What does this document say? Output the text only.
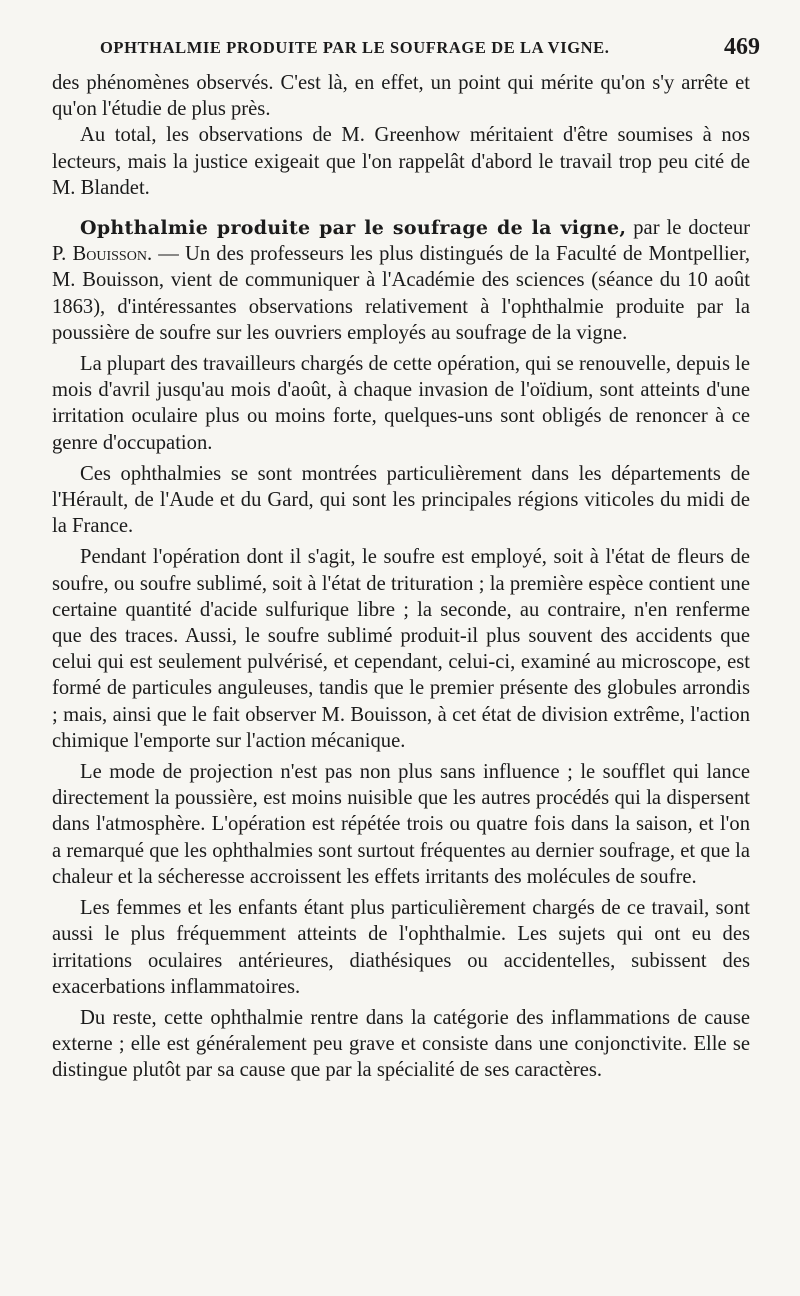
OPHTHALMIE PRODUITE PAR LE SOUFRAGE DE LA VIGNE.	469

des phénomènes observés. C'est là, en effet, un point qui mérite qu'on s'y arrête et qu'on l'étudie de plus près.

Au total, les observations de M. Greenhow méritaient d'être soumises à nos lecteurs, mais la justice exigeait que l'on rappelât d'abord le travail trop peu cité de M. Blandet.

Ophthalmie produite par le soufrage de la vigne, par le docteur P. Bouisson. — Un des professeurs les plus distingués de la Faculté de Montpellier, M. Bouisson, vient de communiquer à l'Académie des sciences (séance du 10 août 1863), d'intéressantes observations relativement à l'ophthalmie produite par la poussière de soufre sur les ouvriers employés au soufrage de la vigne.

La plupart des travailleurs chargés de cette opération, qui se renouvelle, depuis le mois d'avril jusqu'au mois d'août, à chaque invasion de l'oïdium, sont atteints d'une irritation oculaire plus ou moins forte, quelques-uns sont obligés de renoncer à ce genre d'occupation.

Ces ophthalmies se sont montrées particulièrement dans les départements de l'Hérault, de l'Aude et du Gard, qui sont les principales régions viticoles du midi de la France.

Pendant l'opération dont il s'agit, le soufre est employé, soit à l'état de fleurs de soufre, ou soufre sublimé, soit à l'état de trituration ; la première espèce contient une certaine quantité d'acide sulfurique libre ; la seconde, au contraire, n'en renferme que des traces. Aussi, le soufre sublimé produit-il plus souvent des accidents que celui qui est seulement pulvérisé, et cependant, celui-ci, examiné au microscope, est formé de particules anguleuses, tandis que le premier présente des globules arrondis ; mais, ainsi que le fait observer M. Bouisson, à cet état de division extrême, l'action chimique l'emporte sur l'action mécanique.

Le mode de projection n'est pas non plus sans influence ; le soufflet qui lance directement la poussière, est moins nuisible que les autres procédés qui la dispersent dans l'atmosphère. L'opération est répétée trois ou quatre fois dans la saison, et l'on a remarqué que les ophthalmies sont surtout fréquentes au dernier soufrage, et que la chaleur et la sécheresse accroissent les effets irritants des molécules de soufre.

Les femmes et les enfants étant plus particulièrement chargés de ce travail, sont aussi le plus fréquemment atteints de l'ophthalmie. Les sujets qui ont eu des irritations oculaires antérieures, diathésiques ou accidentelles, subissent des exacerbations inflammatoires.

Du reste, cette ophthalmie rentre dans la catégorie des inflammations de cause externe ; elle est généralement peu grave et consiste dans une conjonctivite. Elle se distingue plutôt par sa cause que par la spécialité de ses caractères.
